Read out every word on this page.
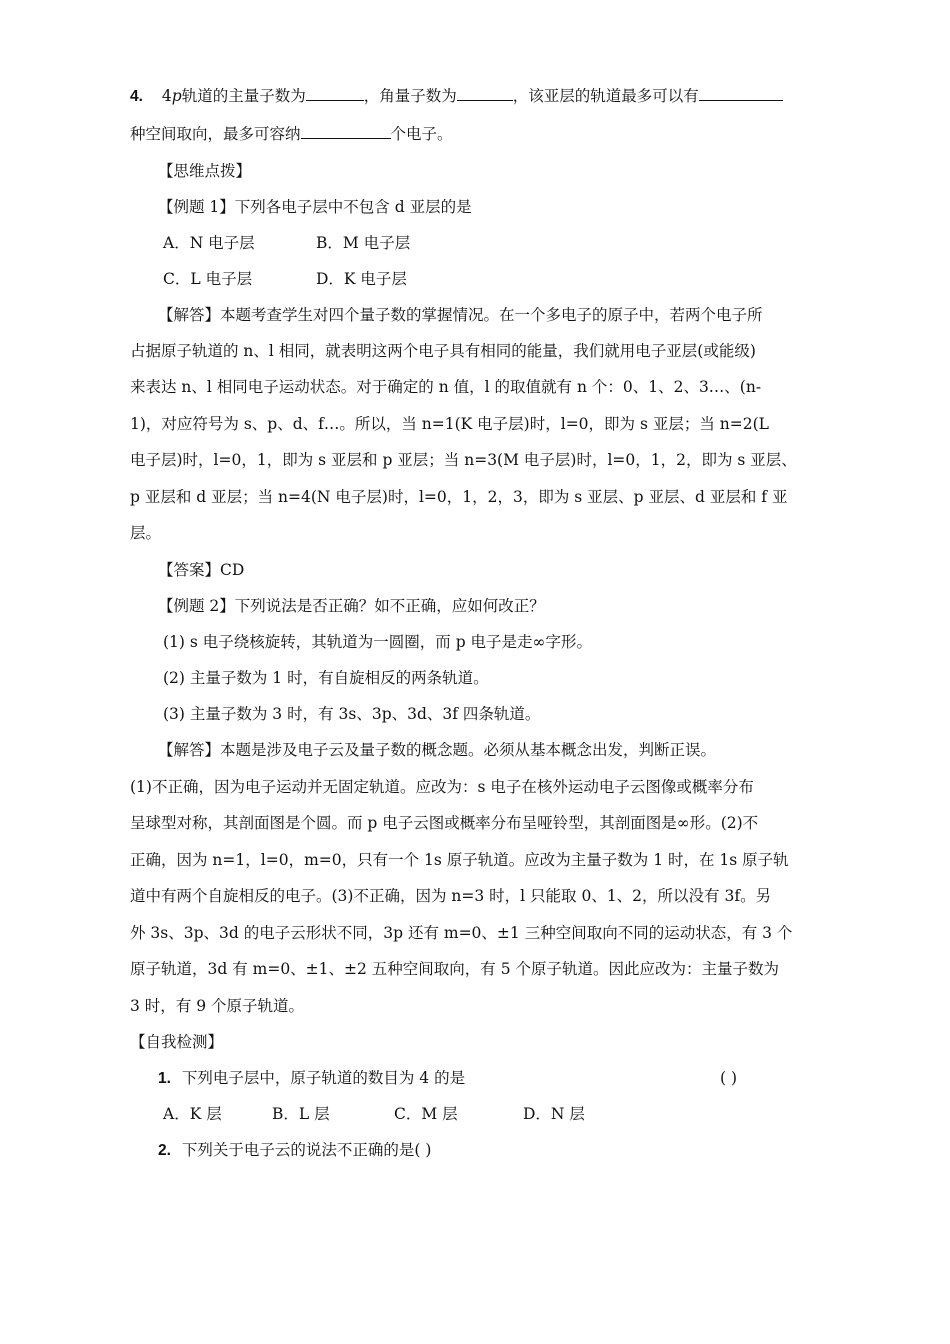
4. 4p轨道的主量子数为	，角量子数为	，该亚层的轨道最多可以有
种空间取向，最多可容纳	个电子。
【思维点拨】
【例题 1】下列各电子层中不包含 d 亚层的是
A．N 电子层	B．M 电子层
C．L 电子层	D．K 电子层
【解答】本题考查学生对四个量子数的掌握情况。在一个多电子的原子中，若两个电子所
占据原子轨道的 n、l 相同，就表明这两个电子具有相同的能量，我们就用电子亚层(或能级)
来表达 n、l 相同电子运动状态。对于确定的 n 值，l 的取值就有 n 个：0、1、2、3…、(n-
1)，对应符号为 s、p、d、f…。所以，当 n=1(K 电子层)时，l=0，即为 s 亚层；当 n=2(L
电子层)时，l=0，1，即为 s 亚层和 p 亚层；当 n=3(M 电子层)时，l=0，1，2，即为 s 亚层、
p 亚层和 d 亚层；当 n=4(N 电子层)时，l=0，1，2，3，即为 s 亚层、p 亚层、d 亚层和 f 亚
层。
【答案】CD
【例题 2】下列说法是否正确？如不正确，应如何改正？
(1) s 电子绕核旋转，其轨道为一圆圈，而 p 电子是走∞字形。
(2) 主量子数为 1 时，有自旋相反的两条轨道。
(3) 主量子数为 3 时，有 3s、3p、3d、3f 四条轨道。
【解答】本题是涉及电子云及量子数的概念题。必须从基本概念出发，判断正误。
(1)不正确，因为电子运动并无固定轨道。应改为：s 电子在核外运动电子云图像或概率分布
呈球型对称，其剖面图是个圆。而 p 电子云图或概率分布呈哑铃型，其剖面图是∞形。(2)不
正确，因为 n=1，l=0，m=0，只有一个 1s 原子轨道。应改为主量子数为 1 时，在 1s 原子轨
道中有两个自旋相反的电子。(3)不正确，因为 n=3 时，l 只能取 0、1、2，所以没有 3f。另
外 3s、3p、3d 的电子云形状不同，3p 还有 m=0、±1 三种空间取向不同的运动状态，有 3 个
原子轨道，3d 有 m=0、±1、±2 五种空间取向，有 5 个原子轨道。因此应改为：主量子数为
3 时，有 9 个原子轨道。
【自我检测】
1. 下列电子层中，原子轨道的数目为 4 的是	( )
A．K 层	B．L 层	C．M 层	D．N 层
2. 下列关于电子云的说法不正确的是( )
